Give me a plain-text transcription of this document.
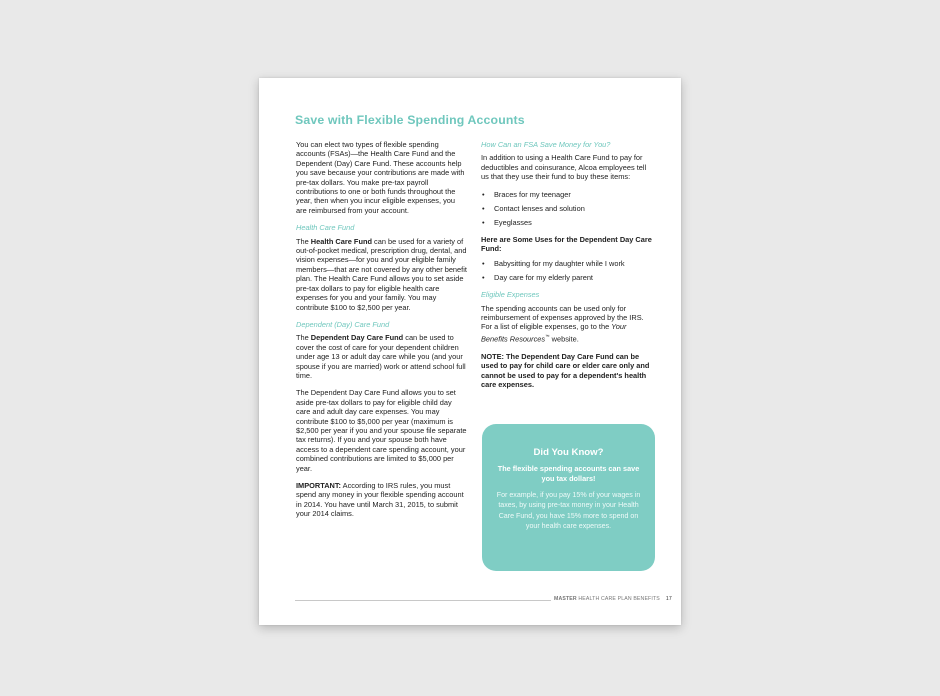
Save with Flexible Spending Accounts

You can elect two types of flexible spending accounts (FSAs)—the Health Care Fund and the Dependent (Day) Care Fund. These accounts help you save because your contributions are made with pre-tax dollars. You make pre-tax payroll contributions to one or both funds throughout the year, then when you incur eligible expenses, you are reimbursed from your account.

Health Care Fund

The Health Care Fund can be used for a variety of out-of-pocket medical, prescription drug, dental, and vision expenses—for you and your eligible family members—that are not covered by any other benefit plan. The Health Care Fund allows you to set aside pre-tax dollars to pay for eligible health care expenses for you and your family. You may contribute $100 to $2,500 per year.

Dependent (Day) Care Fund

The Dependent Day Care Fund can be used to cover the cost of care for your dependent children under age 13 or adult day care while you (and your spouse if you are married) work or attend school full time.

The Dependent Day Care Fund allows you to set aside pre-tax dollars to pay for eligible child day care and adult day care expenses. You may contribute $100 to $5,000 per year (maximum is $2,500 per year if you and your spouse file separate tax returns). If you and your spouse both have access to a dependent care spending account, your combined contributions are limited to $5,000 per year.

IMPORTANT: According to IRS rules, you must spend any money in your flexible spending account in 2014. You have until March 31, 2015, to submit your 2014 claims.

How Can an FSA Save Money for You?

In addition to using a Health Care Fund to pay for deductibles and coinsurance, Alcoa employees tell us that they use their fund to buy these items:

• Braces for my teenager
• Contact lenses and solution
• Eyeglasses

Here are Some Uses for the Dependent Day Care Fund:

• Babysitting for my daughter while I work
• Day care for my elderly parent
Eligible Expenses

The spending accounts can be used only for reimbursement of expenses approved by the IRS. For a list of eligible expenses, go to the Your Benefits Resources™ website.

NOTE: The Dependent Day Care Fund can be used to pay for child care or elder care only and cannot be used to pay for a dependent's health care expenses.

Did You Know?
The flexible spending accounts can save you tax dollars!
For example, if you pay 15% of your wages in taxes, by using pre-tax money in your Health Care Fund, you have 15% more to spend on your health care expenses.
MASTER HEALTH CARE PLAN BENEFITS 17
